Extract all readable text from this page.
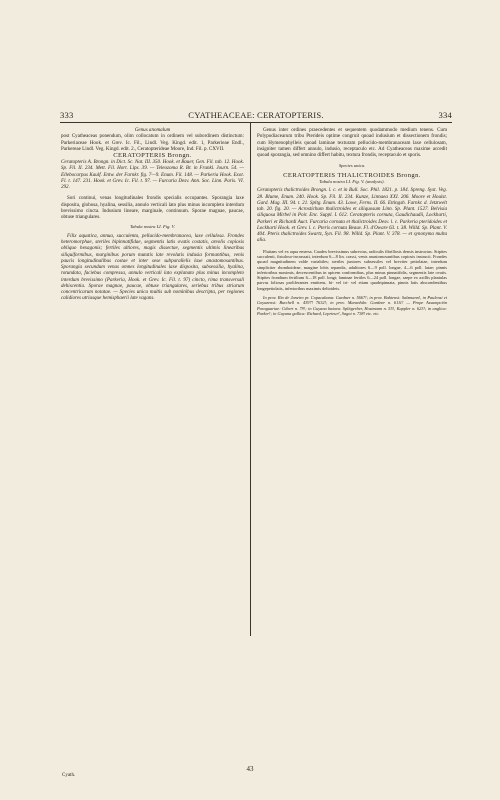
333	CYATHEACEAE: CERATOPTERIS.	334

Genus anomalum

post Cyatheaceas ponendum, olim collocatum in ordinem vel subordinem distinctum: Parkeriaceae Hook. et Grev. Ic. Fil., Lindl. Veg. Kingd. edit. 1, Parkerieae Endl., Parkereae Lindl. Veg. Kingd. edit. 2., Ceratopterideae Moore, Ind. Fil. p. CXVII.

CERATOPTERIS Brongn.

Ceratopteris A. Brongn. in Dict. Sc. Nat. III. 350. Hook. et Bauer, Gen. Fil. tab. 12. Hook. Sp. Fil. II. 234. Mett. Fil. Hort. Lips. 39. — Teleozoma R. Br. in Frankl. Journ. 54. — Ellebocarpus Kaulf. Entw. der Farnkr. fig. 7—9. Enum. Fil. 148. — Parkeria Hook. Exot. Fl. t. 147. 231. Hook. et Grev. Ic. Fil. t. 97. — Furcaria Desv. Ann. Soc. Linn. Paris. VI. 292.

Sori continui, venas longitudinales frondis specialis occupantes. Sporangia laxe disposita, globosa, hyalina, sessilia, annulo verticali lato plus minus incompleto interdum brevissimo cincta. Indusium lineare, marginale, continuum. Sporae magnae, paucae, obtuse triangulares.

Tabula nostra LI. Fig. V.

Filix aquatica, annua, succulenta, pellucido-membranacea, laxe cellulosa. Frondes heteromorphae, steriles bipinnatifidae, segmentis latis ovatis costatis, areolis copiosis obliquo hexagonis; fertiles altiores, magis dissectae, segmentis ultimis linearibus siliquiformibus, marginibus porum mutatis late revolutis indusia formantibus, venis paucis longitudinalibus costae et inter sese subparallelis laxe anastomosantibus. Sporangia secundum venas omnes longitudinales laxe disposita, subsessilia, hyalina, rotundata, faciebus compressa, annulo verticali lato explanato plus minus incompleto interdum brevissimo (Parkeria, Hook. et Grev. Ic. Fil. t. 97) cincto, rima transversali dehiscentia. Sporae magnae, paucae, obtuse triangulares, seriebus tribus striarum concentricarum notatae. — Species unica multis sub nominibus descripta, per regiones calidiores utriusque hemisphaerii late vagans.

Genus inter ordines praecedentes et sequentem quodammodo medium tenens. Cum Polypodiacearum tribu Pterideis optime congruit quoad indusium et dissectionem frondis; cum Hymenophylleis quoad laminae texturam pellucido-membranaceam laxe cellulosam, insigniter tamen differt annulo, indusio, receptaculo etc. Ad Cyatheaceas maxime accedit quoad sporangia, sed omnino differt habitu, textura frondis, receptaculo et sporis.

Species unica.

CERATOPTERIS THALICTROIDES Brongn.

Tabula nostra LI. Fig. V. (analysis).

Ceratopteris thalictroides Brongn. l. c. et in Bull. Soc. Phil. 1821. p. 184. Spreng. Syst. Veg. 28. Blume, Enum. 240. Hook. Sp. Fil. II. 234. Kunze, Linnaea XXI. 206. Moore et Houlst. Gard. Mag. III. 94. t. 21. Spltg. Enum. 43. Lowe, Ferns. II. 66. Ettingsh. Farnkr. d. Jetztwelt tab. 20. fig. 20. — Acrostichum thalictroides et siliquosum Linn. Sp. Plant. 1527. Belvisia siliquosa Mirbel in Poir. Enc. Suppl. I. 612. Ceratopteris cornuta, Gaudichaudii, Lockharti, Parkeri et Richardi Auct. Furcaria cornuta et thalictroides Desv. l. c. Parkeria pteridoides et Lockharti Hook. et Grev. l. c. Pteris cornuta Beauv. Fl. d'Oware 63. t. 38. Willd. Sp. Plant. V. 404. Pteris thalictroides Swartz, Syn. Fil. 98. Willd. Sp. Plant. V. 378. — et synonyma multa alia.

Fluitans vel ex aqua emersa. Caudex brevissimus subrectus, radiculis fibrillosis densis instructus. Stipites succulenti, fistuloso-incrassati, interdum 6—8 lin. crassi, venis anastomosantibus copiosis instructi. Frondes quoad magnitudinem valde variabiles; steriles juniores subsessiles vel breviter petiolatae, interdum simpliciter rhomboideae, margine lobis repandis, adultiores 6—9 poll. longae, 4—6 poll. latae; pinnis inferioribus maximis, decrescentibus in apicem conformibus, plus minus pinnatifidis, segmentis late ovatis. Stipites frondium fertilium 6—18 poll. longi; laminae fertiles 6—24 poll. longae, saepe ex axillis plantulas parvas foliosas proliferantes emittens, bi- vel tri- vel etiam quadripinnata, pinnis latis abscondentibus longepetiolatis, inferioribus maximis deltoideis.

In prov. Rio de Janeiro pr. Copacabana: Gardner n. 5667!; in prov. Bahiensi: Salzmann!, in Paulensi et Goyazensi: Burchell n. 4397! 7632!; in prov. Maranhão: Gardner n. 6111! — Prope Assumpción Paraguariae: Gibert n. 79!; in Guyana batava: Splitgerber, Hostmann n. 55!, Kappler n. 623!; in anglica: Parker!; in Guyana gallica: Richard, Leprieur!, Sagot n. 738! etc. etc.

Cyath.
43
